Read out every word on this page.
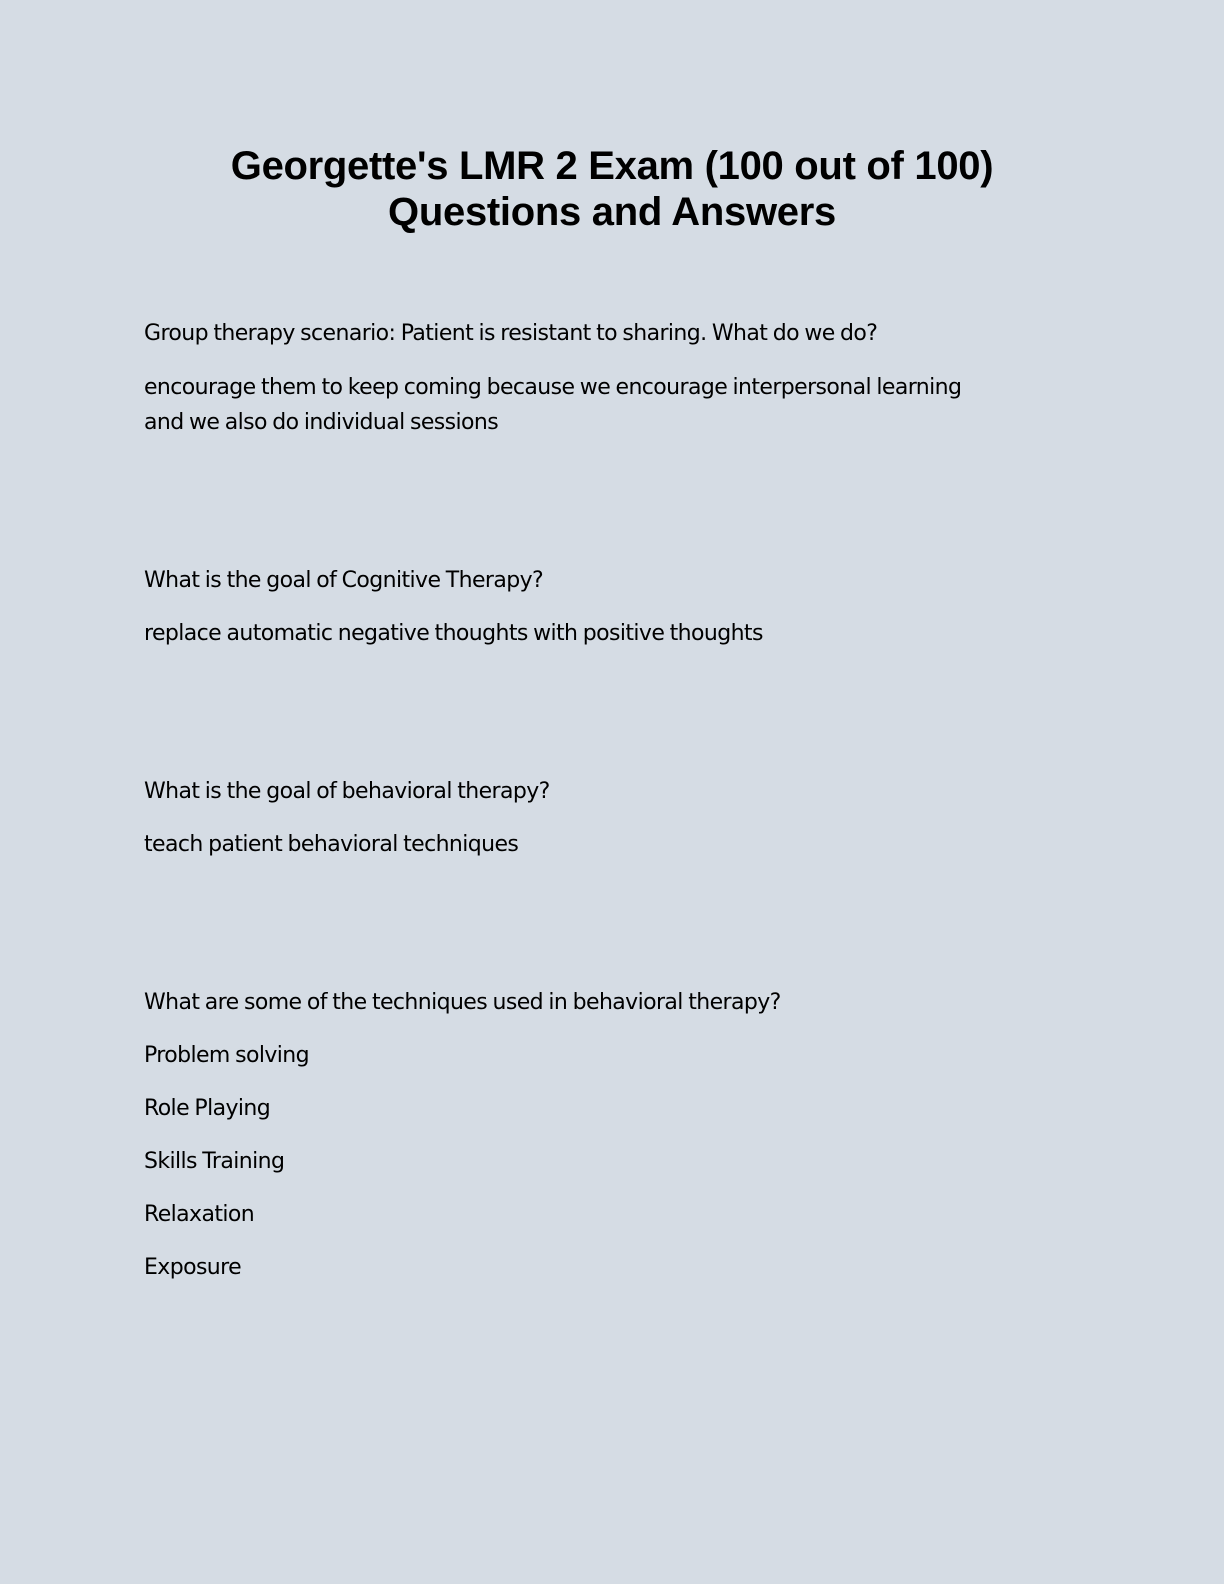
Georgette's LMR 2 Exam (100 out of 100)
Questions and Answers
Group therapy scenario: Patient is resistant to sharing. What do we do?
encourage them to keep coming because we encourage interpersonal learning
and we also do individual sessions
What is the goal of Cognitive Therapy?
replace automatic negative thoughts with positive thoughts
What is the goal of behavioral therapy?
teach patient behavioral techniques
What are some of the techniques used in behavioral therapy?
Problem solving
Role Playing
Skills Training
Relaxation
Exposure
